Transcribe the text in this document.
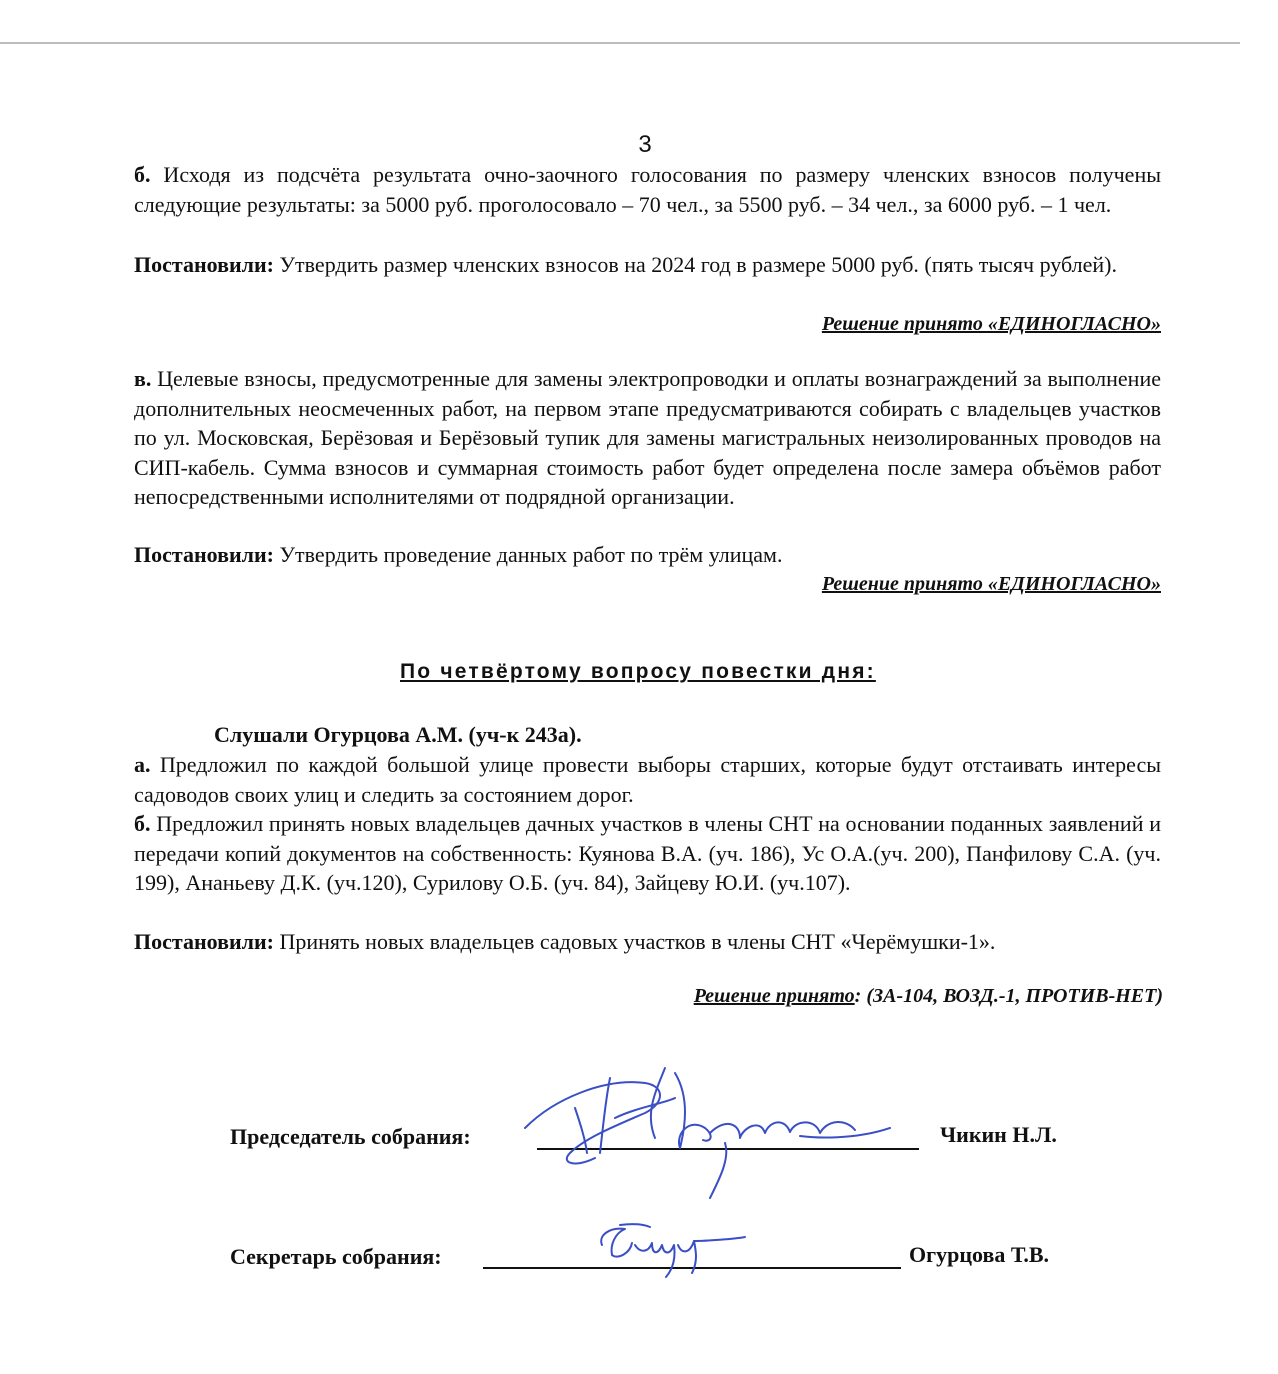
3

б. Исходя из подсчёта результата очно-заочного голосования по размеру членских взносов получены следующие результаты: за 5000 руб. проголосовало – 70 чел., за 5500 руб. – 34 чел., за 6000 руб. – 1 чел.

Постановили: Утвердить размер членских взносов на 2024 год в размере 5000 руб. (пять тысяч рублей).

Решение принято «ЕДИНОГЛАСНО»

в. Целевые взносы, предусмотренные для замены электропроводки и оплаты вознаграждений за выполнение дополнительных неосмеченных работ, на первом этапе предусматриваются собирать с владельцев участков по ул. Московская, Берёзовая и Берёзовый тупик для замены магистральных неизолированных проводов на СИП-кабель. Сумма взносов и суммарная стоимость работ будет определена после замера объёмов работ непосредственными исполнителями от подрядной организации.

Постановили: Утвердить проведение данных работ по трём улицам.

Решение принято «ЕДИНОГЛАСНО»

По четвёртому вопросу повестки дня:

Слушали Огурцова А.М. (уч-к 243а).

а. Предложил по каждой большой улице провести выборы старших, которые будут отстаивать интересы садоводов своих улиц и следить за состоянием дорог.

б. Предложил принять новых владельцев дачных участков в члены СНТ на основании поданных заявлений и передачи копий документов на собственность: Куянова В.А. (уч. 186), Ус О.А.(уч. 200), Панфилову С.А. (уч. 199), Ананьеву Д.К. (уч.120), Сурилову О.Б. (уч. 84), Зайцеву Ю.И. (уч.107).

Постановили: Принять новых владельцев садовых участков в члены СНТ «Черёмушки-1».

Решение принято: (ЗА-104, ВОЗД.-1, ПРОТИВ-НЕТ)

Председатель собрания:	Чикин Н.Л.

Секретарь собрания:	Огурцова Т.В.
